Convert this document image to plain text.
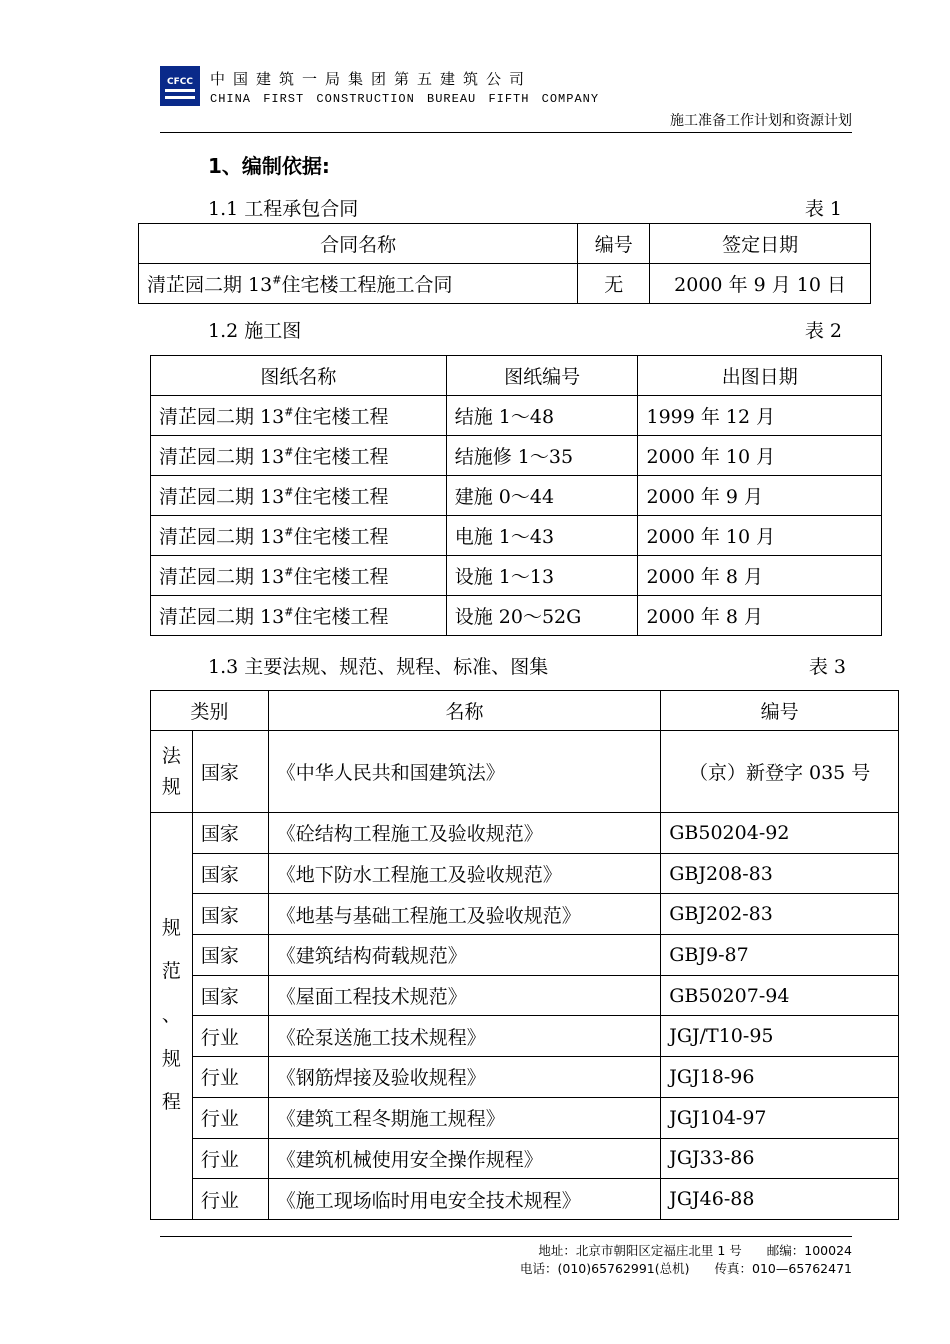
CFCC 中国建筑一局集团第五建筑公司
CHINA FIRST CONSTRUCTION BUREAU FIFTH COMPANY
施工准备工作计划和资源计划
1、编制依据:
1.1 工程承包合同	表 1
合同名称	编号	签定日期
清芷园二期 13#住宅楼工程施工合同	无	2000 年 9 月 10 日
1.2 施工图	表 2
图纸名称	图纸编号	出图日期
清芷园二期 13#住宅楼工程	结施 1～48	1999 年 12 月
清芷园二期 13#住宅楼工程	结施修 1～35	2000 年 10 月
清芷园二期 13#住宅楼工程	建施 0～44	2000 年 9 月
清芷园二期 13#住宅楼工程	电施 1～43	2000 年 10 月
清芷园二期 13#住宅楼工程	设施 1～13	2000 年 8 月
清芷园二期 13#住宅楼工程	设施 20～52G	2000 年 8 月
1.3 主要法规、规范、规程、标准、图集	表 3
类别		名称	编号

法
规	国家	《中华人民共和国建筑法》	（京）新登字 035 号

规
范
、
规
程	国家	《砼结构工程施工及验收规范》	GB50204-92
	国家	《地下防水工程施工及验收规范》	GBJ208-83
	国家	《地基与基础工程施工及验收规范》	GBJ202-83
	国家	《建筑结构荷载规范》	GBJ9-87
	国家	《屋面工程技术规范》	GB50207-94
	行业	《砼泵送施工技术规程》	JGJ/T10-95
	行业	《钢筋焊接及验收规程》	JGJ18-96
	行业	《建筑工程冬期施工规程》	JGJ104-97
	行业	《建筑机械使用安全操作规程》	JGJ33-86
	行业	《施工现场临时用电安全技术规程》	JGJ46-88
地址：北京市朝阳区定福庄北里 1 号　　邮编：100024
电话：(010)65762991(总机)　　传真：010—65762471
